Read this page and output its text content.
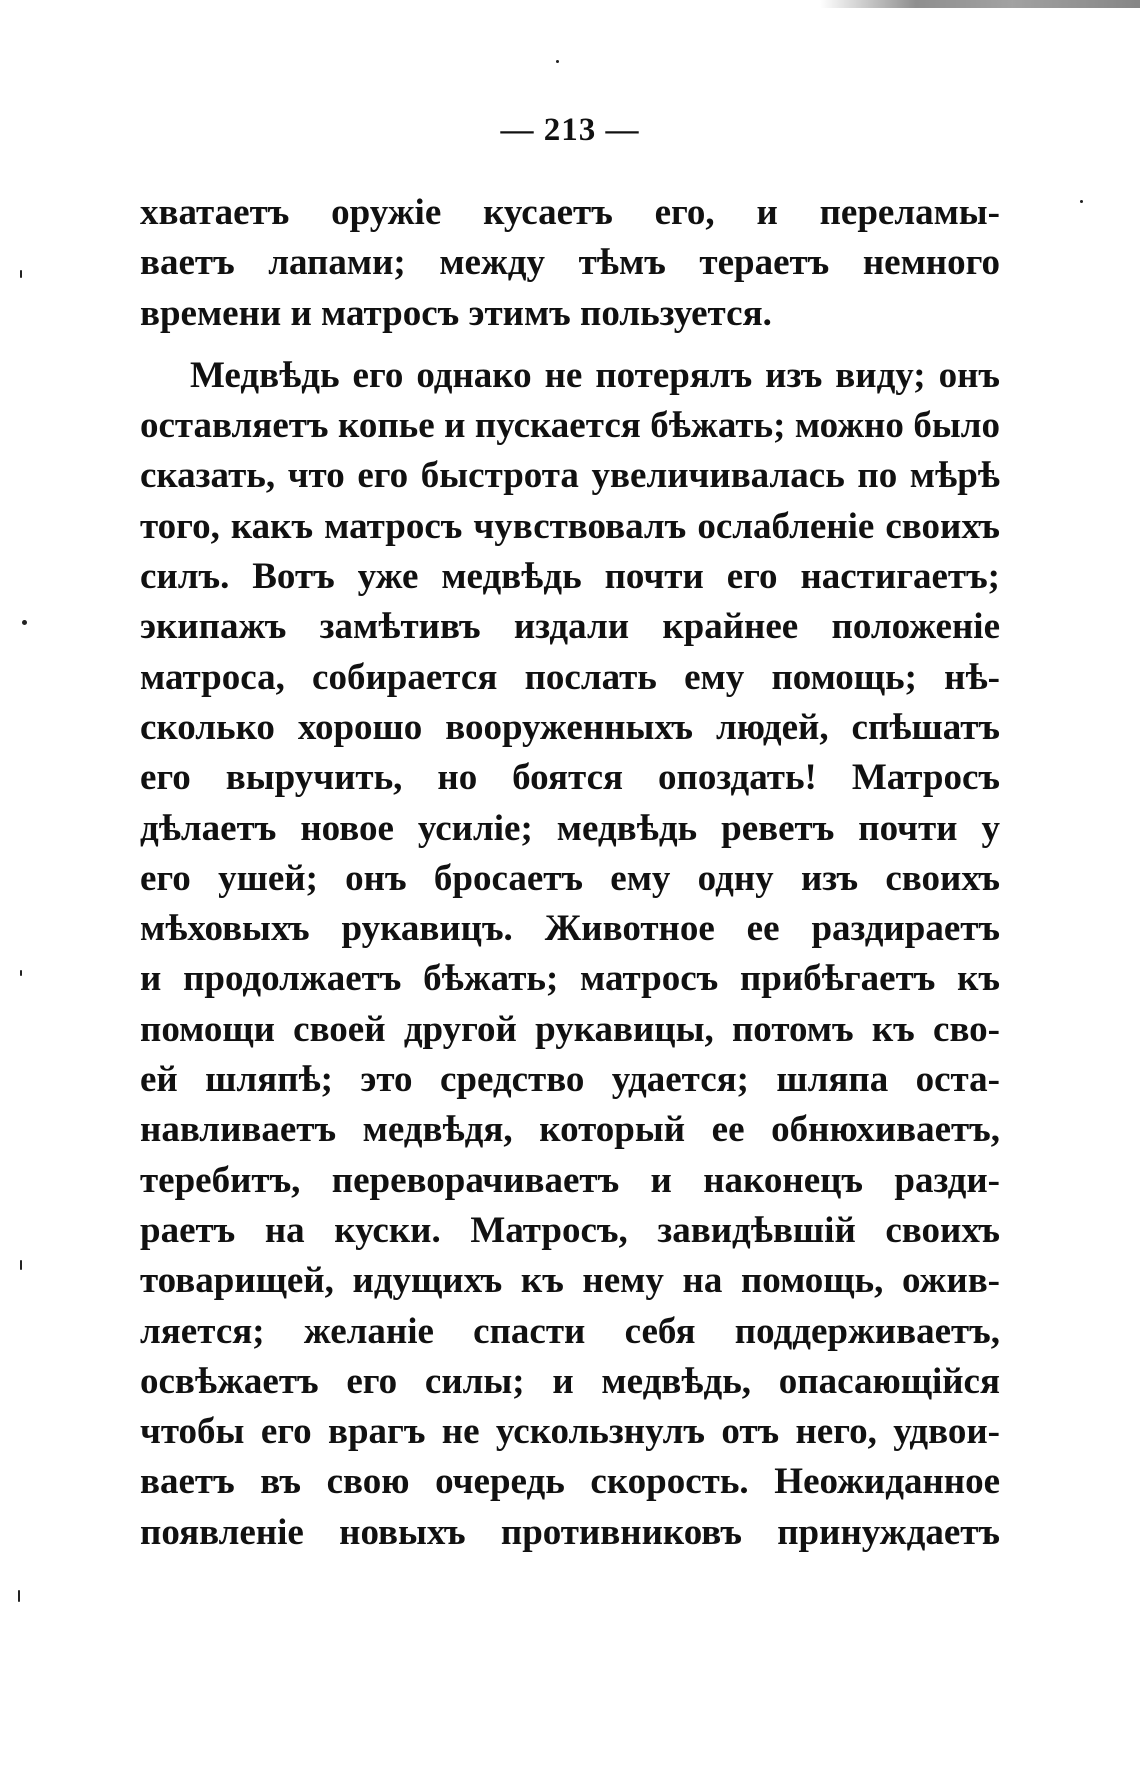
— 213 —
хватаетъ оружіе кусаетъ его, и переламы-
ваетъ лапами; между тѣмъ тераетъ немного
времени и матросъ этимъ пользуется.
Медвѣдь его однако не потерялъ изъ виду; онъ
оставляетъ копье и пускается бѣжать; можно было
сказать, что его быстрота увеличивалась по мѣрѣ
того, какъ матросъ чувствовалъ ослабленіе своихъ
силъ. Вотъ уже медвѣдь почти его настигаетъ;
экипажъ замѣтивъ издали крайнее положеніе
матроса, собирается послать ему помощь; нѣ-
сколько хорошо вооруженныхъ людей, спѣшатъ
его выручить, но боятся опоздать! Матросъ
дѣлаетъ новое усиліе; медвѣдь реветъ почти у
его ушей; онъ бросаетъ ему одну изъ своихъ
мѣховыхъ рукавицъ. Животное ее раздираетъ
и продолжаетъ бѣжать; матросъ прибѣгаетъ къ
помощи своей другой рукавицы, потомъ къ сво-
ей шляпѣ; это средство удается; шляпа оста-
навливаетъ медвѣдя, который ее обнюхиваетъ,
теребитъ, переворачиваетъ и наконецъ разди-
раетъ на куски. Матросъ, завидѣвшій своихъ
товарищей, идущихъ къ нему на помощь, ожив-
ляется; желаніе спасти себя поддерживаетъ,
освѣжаетъ его силы; и медвѣдь, опасающійся
чтобы его врагъ не ускользнулъ отъ него, удвои-
ваетъ въ свою очередь скорость. Неожиданное
появленіе новыхъ противниковъ принуждаетъ
